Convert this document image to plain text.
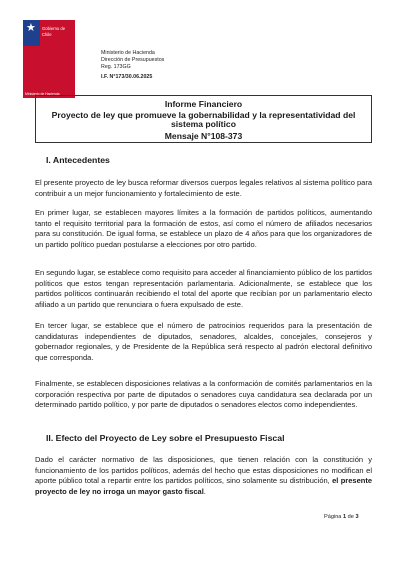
★ Gobierno de
Chile
Ministerio de Hacienda
Ministerio de Hacienda
Dirección de Presupuestos
Reg. 173GG
I.F. N°173/30.06.2025
Informe Financiero
Proyecto de ley que promueve la gobernabilidad y la representatividad del
sistema político
Mensaje N°108-373
I. Antecedentes

El presente proyecto de ley busca reformar diversos cuerpos legales relativos al sistema político para contribuir a un mejor funcionamiento y fortalecimiento de este.

En primer lugar, se establecen mayores límites a la formación de partidos políticos, aumentando tanto el requisito territorial para la formación de estos, así como el número de afiliados necesarios para su constitución. De igual forma, se establece un plazo de 4 años para que los organizadores de un partido político puedan postularse a elecciones por otro partido.

En segundo lugar, se establece como requisito para acceder al financiamiento público de los partidos políticos que estos tengan representación parlamentaria. Adicionalmente, se establece que los partidos políticos continuarán recibiendo el total del aporte que recibían por un parlamentario electo afiliado a un partido que renunciara o fuera expulsado de este.

En tercer lugar, se establece que el número de patrocinios requeridos para la presentación de candidaturas independientes de diputados, senadores, alcaldes, concejales, consejeros y gobernador regionales, y de Presidente de la República será respecto al padrón electoral definitivo que corresponda.

Finalmente, se establecen disposiciones relativas a la conformación de comités parlamentarios en la corporación respectiva por parte de diputados o senadores cuya candidatura sea declarada por un determinado partido político, y por parte de diputados o senadores electos como independientes.

II. Efecto del Proyecto de Ley sobre el Presupuesto Fiscal

Dado el carácter normativo de las disposiciones, que tienen relación con la constitución y funcionamiento de los partidos políticos, además del hecho que estas disposiciones no modifican el aporte público total a repartir entre los partidos políticos, sino solamente su distribución, el presente proyecto de ley no irroga un mayor gasto fiscal.

Página 1 de 3
